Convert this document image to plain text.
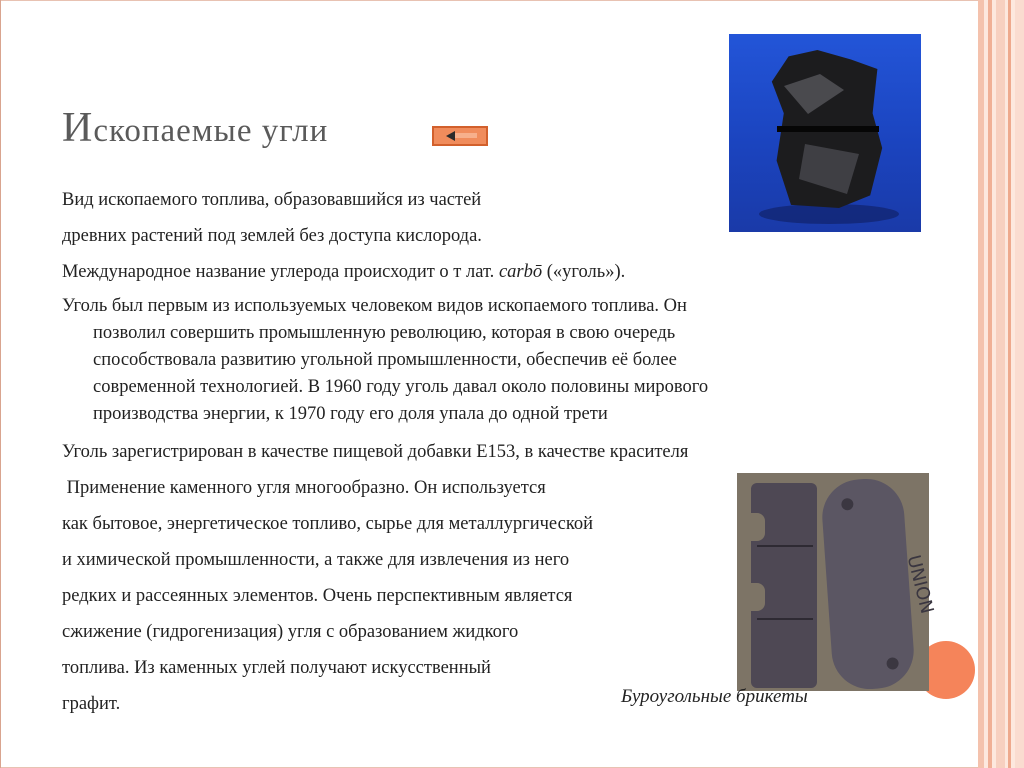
Ископаемые угли
UNION

Вид ископаемого топлива, образовавшийся из частей

древних растений под землей без доступа кислорода.

Международное название углерода происходит о т лат. carbō («уголь»).

Уголь был первым из используемых человеком видов ископаемого топлива. Он
позволил совершить промышленную революцию, которая в свою очередь
способствовала развитию угольной промышленности, обеспечив её более
современной технологией. В 1960 году уголь давал около половины мирового
производства энергии, к 1970 году его доля упала до одной трети

Уголь зарегистрирован в качестве пищевой добавки E153, в качестве красителя

Применение каменного угля многообразно. Он используется

как бытовое, энергетическое топливо, сырье для металлургической

и химической промышленности, а также для извлечения из него

редких и рассеянных элементов. Очень перспективным является

сжижение (гидрогенизация) угля с образованием жидкого

топлива. Из каменных углей получают искусственный

графит.	Буроугольные брикеты
